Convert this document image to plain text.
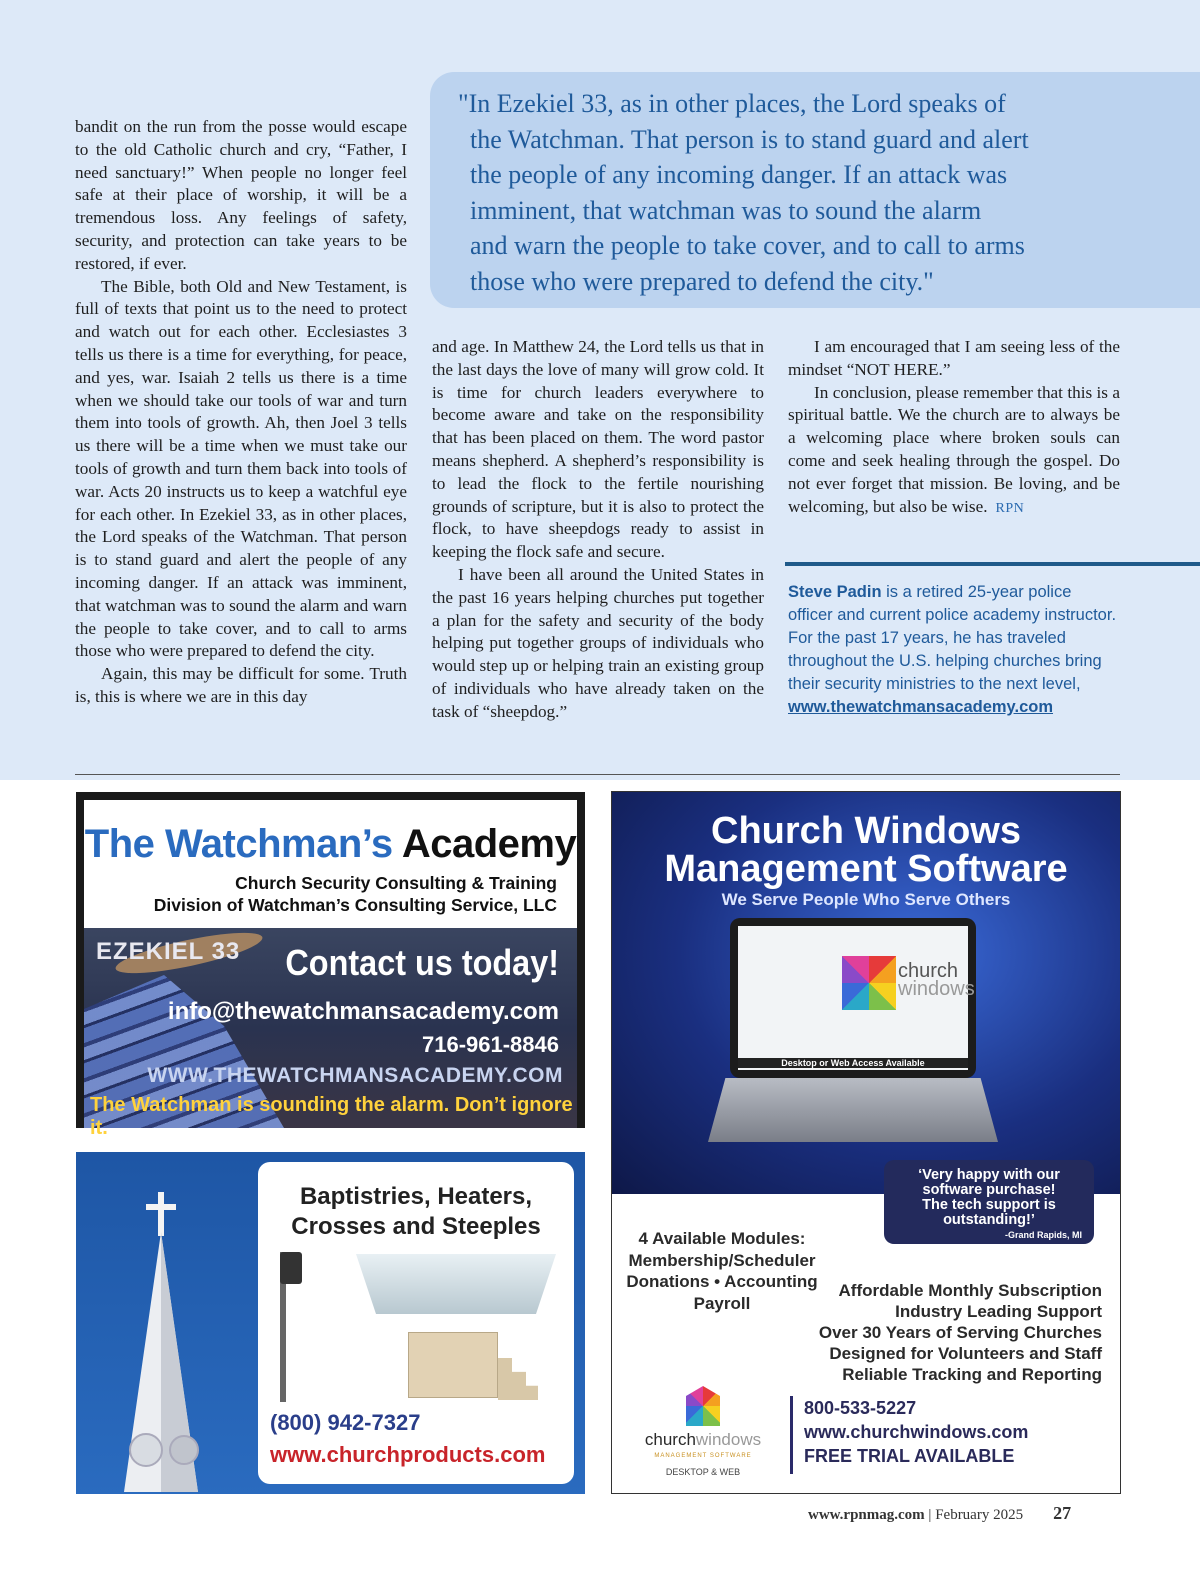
"In Ezekiel 33, as in other places, the Lord speaks of
the Watchman. That person is to stand guard and alert
the people of any incoming danger. If an attack was
imminent, that watchman was to sound the alarm
and warn the people to take cover, and to call to arms
those who were prepared to defend the city."

bandit on the run from the posse would escape to the old Catholic church and cry, “Father, I need sanctuary!” When people no longer feel safe at their place of worship, it will be a tremendous loss. Any feelings of safety, security, and protection can take years to be restored, if ever.

The Bible, both Old and New Testament, is full of texts that point us to the need to protect and watch out for each other. Ecclesiastes 3 tells us there is a time for everything, for peace, and yes, war. Isaiah 2 tells us there is a time when we should take our tools of war and turn them into tools of growth. Ah, then Joel 3 tells us there will be a time when we must take our tools of growth and turn them back into tools of war. Acts 20 instructs us to keep a watchful eye for each other. In Ezekiel 33, as in other places, the Lord speaks of the Watchman. That person is to stand guard and alert the people of any incoming danger. If an attack was imminent, that watchman was to sound the alarm and warn the people to take cover, and to call to arms those who were prepared to defend the city.

Again, this may be difficult for some. Truth is, this is where we are in this day

and age. In Matthew 24, the Lord tells us that in the last days the love of many will grow cold. It is time for church leaders everywhere to become aware and take on the responsibility that has been placed on them. The word pastor means shepherd. A shepherd’s responsibility is to lead the flock to the fertile nourishing grounds of scripture, but it is also to protect the flock, to have sheepdogs ready to assist in keeping the flock safe and secure.

I have been all around the United States in the past 16 years helping churches put together a plan for the safety and security of the body helping put together groups of individuals who would step up or helping train an existing group of individuals who have already taken on the task of “sheepdog.”

I am encouraged that I am seeing less of the mindset “NOT HERE.”

In conclusion, please remember that this is a spiritual battle. We the church are to always be a welcoming place where broken souls can come and seek healing through the gospel. Do not ever forget that mission. Be loving, and be welcoming, but also be wise. RPN

Steve Padin is a retired 25-year police officer and current police academy instructor. For the past 17 years, he has traveled throughout the U.S. helping churches bring their security ministries to the next level, www.thewatchmansacademy.com
The Watchman’s Academy
Church Security Consulting & Training
Division of Watchman’s Consulting Service, LLC
EZEKIEL 33 Contact us today!
info@thewatchmansacademy.com
716-961-8846
WWW.THEWATCHMANSACADEMY.COM
The Watchman is sounding the alarm. Don’t ignore it.
Baptistries, Heaters,
Crosses and Steeples
(800) 942-7327
www.churchproducts.com
Church Windows
Management Software
We Serve People Who Serve Others
church
windows
Desktop or Web Access Available
‘Very happy with our
software purchase!
The tech support is
outstanding!’
-Grand Rapids, MI
4 Available Modules:
Membership/Scheduler
Donations • Accounting
Payroll
Affordable Monthly Subscription
Industry Leading Support
Over 30 Years of Serving Churches
Designed for Volunteers and Staff
Reliable Tracking and Reporting
churchwindows
MANAGEMENT SOFTWARE
DESKTOP & WEB
800-533-5227
www.churchwindows.com
FREE TRIAL AVAILABLE
www.rpnmag.com | February 2025 27
